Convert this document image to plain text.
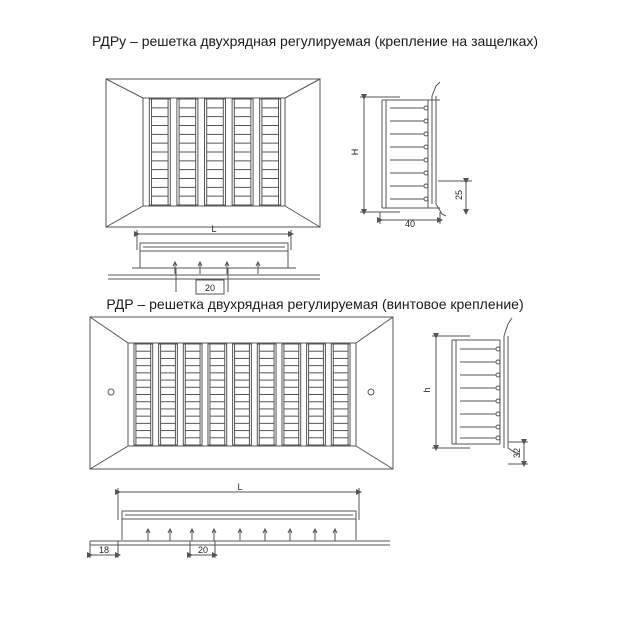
РДРу – решетка двухрядная регулируемая (крепление на защелках)
РДР – решетка двухрядная регулируемая (винтовое крепление)
L
20
H
25
40
L
18	20
h
32
